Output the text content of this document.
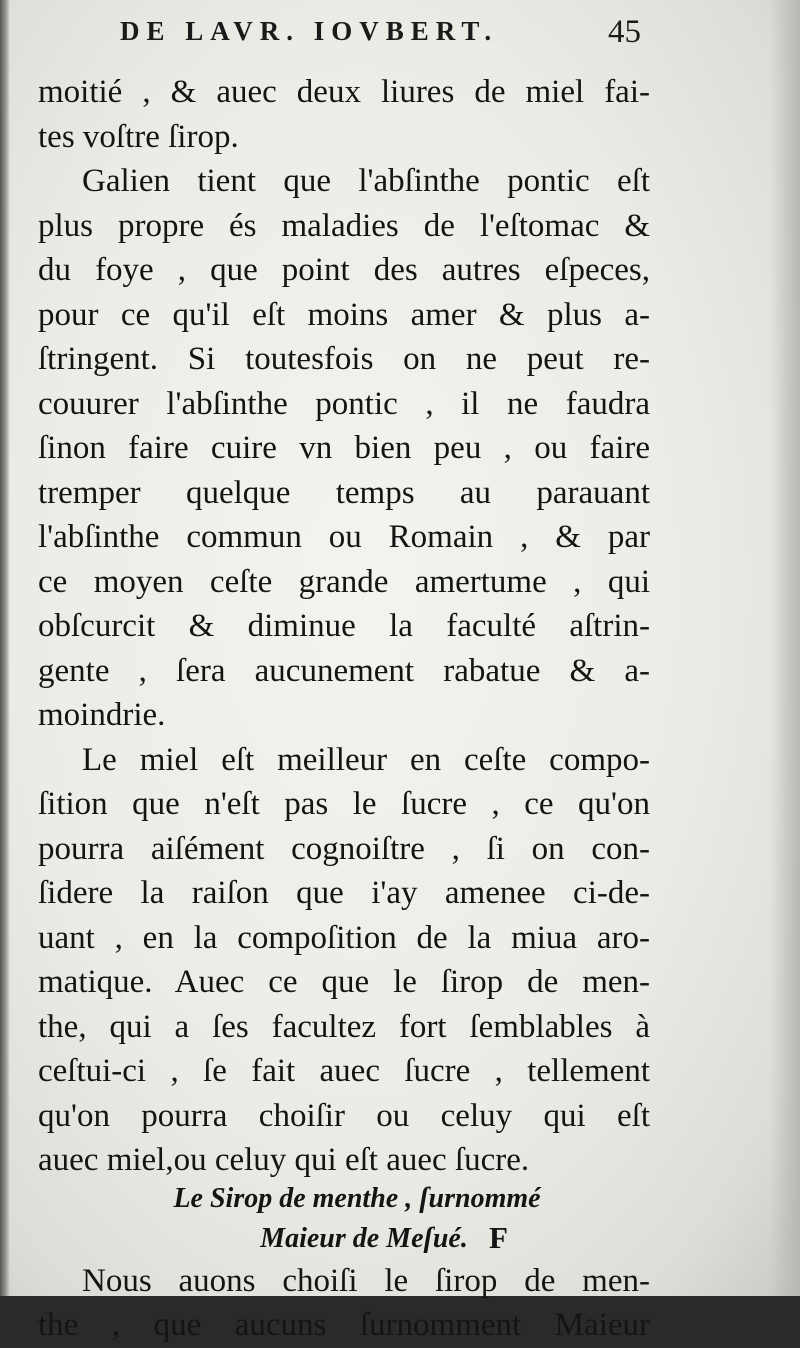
DE LAVR. IOVBERT.	45
moitié , & auec deux liures de miel fai-
tes voſtre ſirop.
Galien tient que l'abſinthe pontic eſt
plus propre és maladies de l'eſtomac &
du foye , que point des autres eſpeces,
pour ce qu'il eſt moins amer & plus a-
ſtringent. Si toutesfois on ne peut re-
couurer l'abſinthe pontic , il ne faudra
ſinon faire cuire vn bien peu , ou faire
tremper quelque temps au parauant
l'abſinthe commun ou Romain , & par
ce moyen ceſte grande amertume , qui
obſcurcit & diminue la faculté aſtrin-
gente , ſera aucunement rabatue & a-
moindrie.
Le miel eſt meilleur en ceſte compo-
ſition que n'eſt pas le ſucre , ce qu'on
pourra aiſément cognoiſtre , ſi on con-
ſidere la raiſon que i'ay amenee ci-de-
uant , en la compoſition de la miua aro-
matique. Auec ce que le ſirop de men-
the, qui a ſes facultez fort ſemblables à
ceſtui-ci , ſe fait auec ſucre , tellement
qu'on pourra choiſir ou celuy qui eſt
auec miel,ou celuy qui eſt auec ſucre.
Le Sirop de menthe , ſurnommé
Maieur de Meſué.
Nous auons choiſi le ſirop de men-
the , que aucuns ſurnomment Maieur
F
